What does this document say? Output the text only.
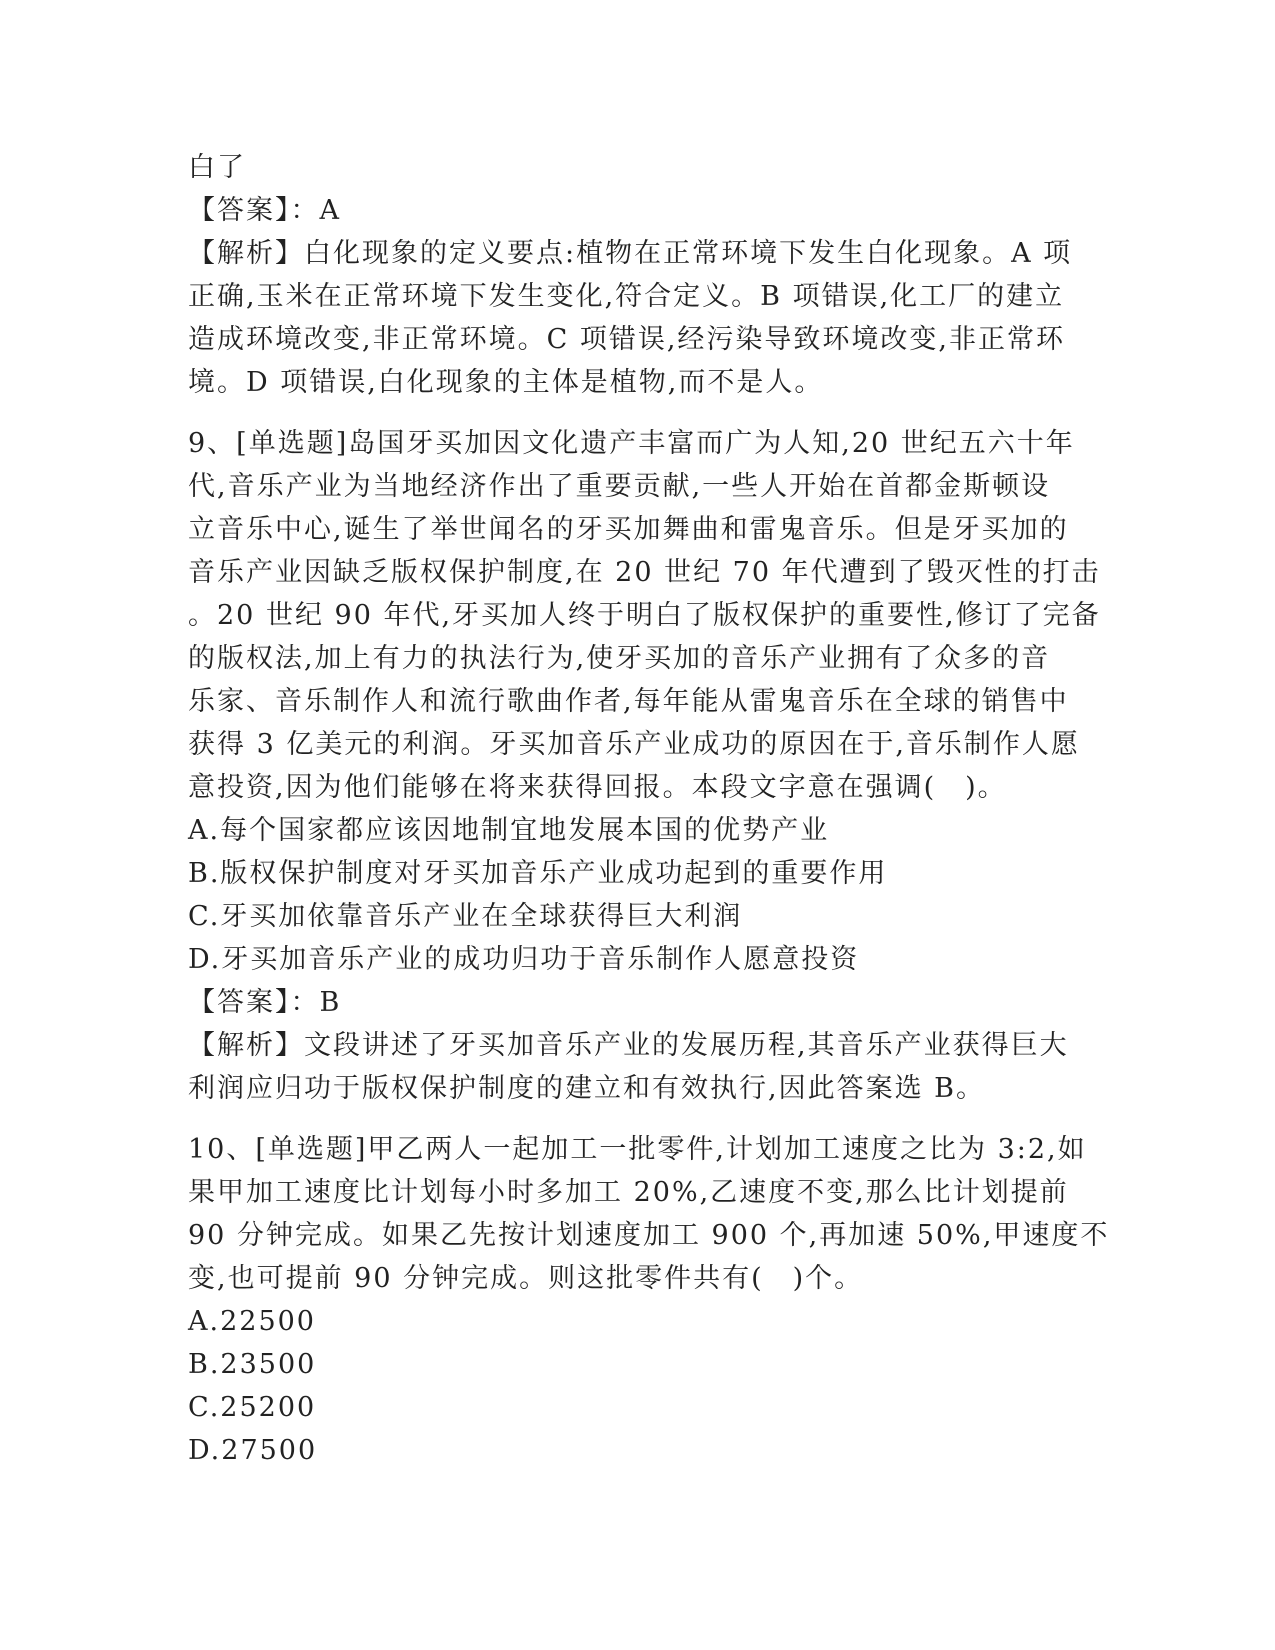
白了
【答案】：A
【解析】白化现象的定义要点:植物在正常环境下发生白化现象。A 项
正确,玉米在正常环境下发生变化,符合定义。B 项错误,化工厂的建立
造成环境改变,非正常环境。C 项错误,经污染导致环境改变,非正常环
境。D 项错误,白化现象的主体是植物,而不是人。
9、[单选题]岛国牙买加因文化遗产丰富而广为人知,20 世纪五六十年
代,音乐产业为当地经济作出了重要贡献,一些人开始在首都金斯顿设
立音乐中心,诞生了举世闻名的牙买加舞曲和雷鬼音乐。但是牙买加的
音乐产业因缺乏版权保护制度,在 20 世纪 70 年代遭到了毁灭性的打击
。20 世纪 90 年代,牙买加人终于明白了版权保护的重要性,修订了完备
的版权法,加上有力的执法行为,使牙买加的音乐产业拥有了众多的音
乐家、音乐制作人和流行歌曲作者,每年能从雷鬼音乐在全球的销售中
获得 3 亿美元的利润。牙买加音乐产业成功的原因在于,音乐制作人愿
意投资,因为他们能够在将来获得回报。本段文字意在强调(　)。
A.每个国家都应该因地制宜地发展本国的优势产业
B.版权保护制度对牙买加音乐产业成功起到的重要作用
C.牙买加依靠音乐产业在全球获得巨大利润
D.牙买加音乐产业的成功归功于音乐制作人愿意投资
【答案】：B
【解析】文段讲述了牙买加音乐产业的发展历程,其音乐产业获得巨大
利润应归功于版权保护制度的建立和有效执行,因此答案选 B。
10、[单选题]甲乙两人一起加工一批零件,计划加工速度之比为 3:2,如
果甲加工速度比计划每小时多加工 20%,乙速度不变,那么比计划提前
90 分钟完成。如果乙先按计划速度加工 900 个,再加速 50%,甲速度不
变,也可提前 90 分钟完成。则这批零件共有(　)个。
A.22500
B.23500
C.25200
D.27500
